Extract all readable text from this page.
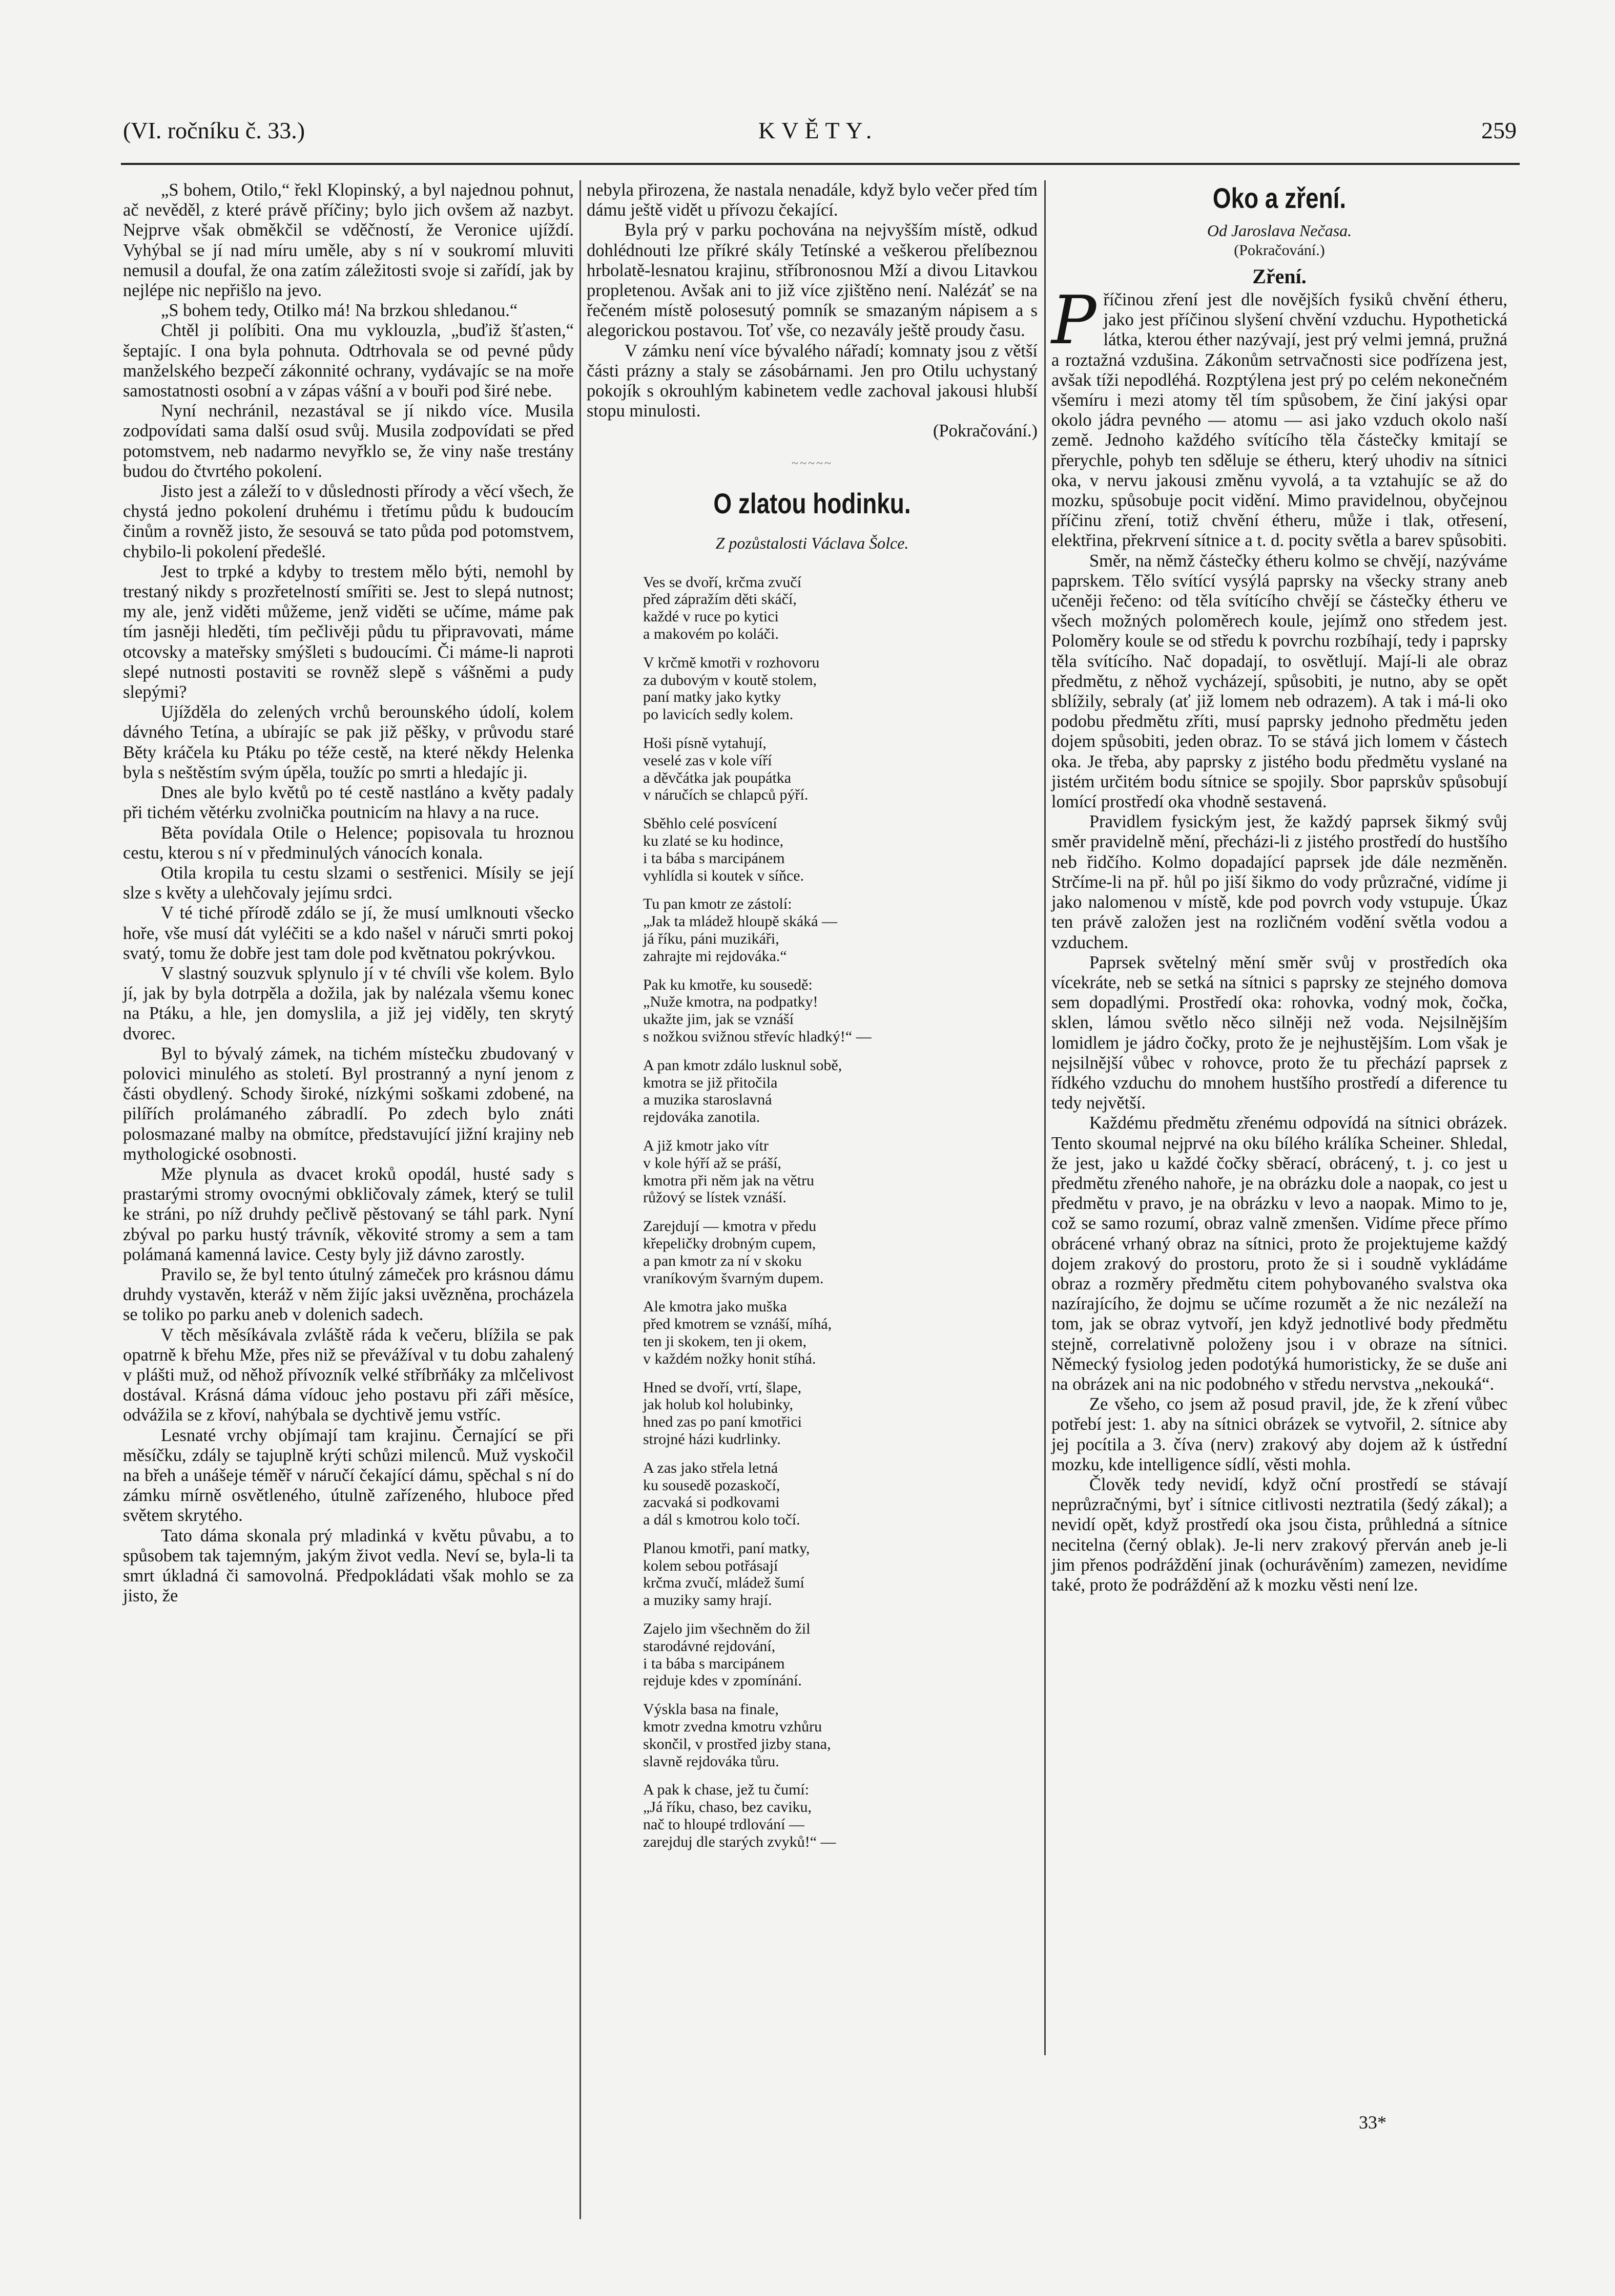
(VI. ročníku č. 33.)	KVĚTY.	259

„S bohem, Otilo,“ řekl Klopinský, a byl najednou pohnut, ač nevěděl, z které právě příčiny; bylo jich ovšem až nazbyt. Nejprve však obměkčil se vděčností, že Veronice ujíždí. Vyhýbal se jí nad míru uměle, aby s ní v soukromí mluviti nemusil a doufal, že ona zatím záležitosti svoje si zařídí, jak by nejlépe nic nepřišlo na jevo.

„S bohem tedy, Otilko má! Na brzkou shledanou.“

Chtěl ji políbiti. Ona mu vyklouzla, „buďiž šťasten,“ šeptajíc. I ona byla pohnuta. Odtrhovala se od pevné půdy manželského bezpečí zákonnité ochrany, vydávajíc se na moře samostatnosti osobní a v zápas vášní a v bouři pod širé nebe.

Nyní nechránil, nezastával se jí nikdo více. Musila zodpovídati sama další osud svůj. Musila zodpovídati se před potomstvem, neb nadarmo nevyřklo se, že viny naše trestány budou do čtvrtého pokolení.

Jisto jest a záleží to v důslednosti přírody a věcí všech, že chystá jedno pokolení druhému i třetímu půdu k budoucím činům a rovněž jisto, že sesouvá se tato půda pod potomstvem, chybilo-li pokolení předešlé.

Jest to trpké a kdyby to trestem mělo býti, nemohl by trestaný nikdy s prozřetelností smířiti se. Jest to slepá nutnost; my ale, jenž viděti můžeme, jenž viděti se učíme, máme pak tím jasněji hleděti, tím pečlivěji půdu tu připravovati, máme otcovsky a mateřsky smýšleti s budoucími. Či máme-li naproti slepé nutnosti postaviti se rovněž slepě s vášněmi a pudy slepými?

Ujížděla do zelených vrchů berounského údolí, kolem dávného Tetína, a ubírajíc se pak již pěšky, v průvodu staré Běty kráčela ku Ptáku po téže cestě, na které někdy Helenka byla s neštěstím svým úpěla, toužíc po smrti a hledajíc ji.

Dnes ale bylo květů po té cestě nastláno a květy padaly při tichém větérku zvolnička poutnicím na hlavy a na ruce.

Běta povídala Otile o Helence; popisovala tu hroznou cestu, kterou s ní v předminulých vánocích konala.

Otila kropila tu cestu slzami o sestřenici. Mísily se její slze s květy a ulehčovaly jejímu srdci.

V té tiché přírodě zdálo se jí, že musí umlknouti všecko hoře, vše musí dát vyléčiti se a kdo našel v náruči smrti pokoj svatý, tomu že dobře jest tam dole pod květnatou pokrývkou.

V slastný souzvuk splynulo jí v té chvíli vše kolem. Bylo jí, jak by byla dotrpěla a dožila, jak by nalézala všemu konec na Ptáku, a hle, jen domyslila, a již jej viděly, ten skrytý dvorec.

Byl to bývalý zámek, na tichém místečku zbudovaný v polovici minulého as století. Byl prostranný a nyní jenom z části obydlený. Schody široké, nízkými soškami zdobené, na pilířích prolámaného zábradlí. Po zdech bylo znáti polosmazané malby na obmítce, představující jižní krajiny neb mythologické osobnosti.

Mže plynula as dvacet kroků opodál, husté sady s prastarými stromy ovocnými obkličovaly zámek, který se tulil ke stráni, po níž druhdy pečlivě pěstovaný se táhl park. Nyní zbýval po parku hustý trávník, věkovité stromy a sem a tam polámaná kamenná lavice. Cesty byly již dávno zarostly.

Pravilo se, že byl tento útulný zámeček pro krásnou dámu druhdy vystavěn, kteráž v něm žijíc jaksi uvězněna, procházela se toliko po parku aneb v dolenich sadech.

V těch měsíkávala zvláště ráda k večeru, blížila se pak opatrně k břehu Mže, přes niž se převážíval v tu dobu zahalený v plášti muž, od něhož přívozník velké stříbrňáky za mlčelivost dostával. Krásná dáma vídouc jeho postavu při záři měsíce, odvážila se z křoví, nahýbala se dychtivě jemu vstříc.

Lesnaté vrchy objímají tam krajinu. Černající se při měsíčku, zdály se tajuplně krýti schůzi milenců. Muž vyskočil na břeh a unášeje téměř v náručí čekající dámu, spěchal s ní do zámku mírně osvětleného, útulně zařízeného, hluboce před světem skrytého.

Tato dáma skonala prý mladinká v květu půvabu, a to spůsobem tak tajemným, jakým život vedla. Neví se, byla-li ta smrt úkladná či samovolná. Předpokládati však mohlo se za jisto, že

nebyla přirozena, že nastala nenadále, když bylo večer před tím dámu ještě vidět u přívozu čekající.

Byla prý v parku pochována na nejvyšším místě, odkud dohlédnouti lze příkré skály Tetínské a veškerou přelíbeznou hrbolatě-lesnatou krajinu, stříbronosnou Mží a divou Litavkou propletenou. Avšak ani to již více zjištěno není. Nalézáť se na řečeném místě polosesutý pomník se smazaným nápisem a s alegorickou postavou. Toť vše, co nezavály ještě proudy času.

V zámku není více bývalého nářadí; komnaty jsou z větší části prázny a staly se zásobárnami. Jen pro Otilu uchystaný pokojík s okrouhlým kabinetem vedle zachoval jakousi hlubší stopu minulosti.

(Pokračování.)
~~~~~
O zlatou hodinku.
Z pozůstalosti Václava Šolce.
Ves se dvoří, krčma zvučí
před zápražím děti skáčí,
každé v ruce po kytici
a makovém po koláči.
V krčmě kmotři v rozhovoru
za dubovým v koutě stolem,
paní matky jako kytky
po lavicích sedly kolem.
Hoši písně vytahují,
veselé zas v kole víří
a děvčátka jak poupátka
v náručích se chlapců pýří.
Sběhlo celé posvícení
ku zlaté se ku hodince,
i ta bába s marcipánem
vyhlídla si koutek v síňce.
Tu pan kmotr ze zástolí:
„Jak ta mládež hloupě skáká —
já říku, páni muzikáři,
zahrajte mi rejdováka.“
Pak ku kmotře, ku sousedě:
„Nuže kmotra, na podpatky!
ukažte jim, jak se vznáší
s nožkou svižnou střevíc hladký!“ —
A pan kmotr zdálo lusknul sobě,
kmotra se již přitočila
a muzika staroslavná
rejdováka zanotila.
A již kmotr jako vítr
v kole hýří až se práší,
kmotra při něm jak na větru
růžový se lístek vznáší.
Zarejdují — kmotra v předu
křepeličky drobným cupem,
a pan kmotr za ní v skoku
vraníkovým švarným dupem.
Ale kmotra jako muška
před kmotrem se vznáší, míhá,
ten ji skokem, ten ji okem,
v každém nožky honit stíhá.
Hned se dvoří, vrtí, šlape,
jak holub kol holubinky,
hned zas po paní kmotřici
strojné házi kudrlinky.
A zas jako střela letná
ku sousedě pozaskočí,
zacvaká si podkovami
a dál s kmotrou kolo točí.
Planou kmotři, paní matky,
kolem sebou potřásají
krčma zvučí, mládež šumí
a muziky samy hrají.
Zajelo jim všechněm do žil
starodávné rejdování,
i ta bába s marcipánem
rejduje kdes v zpomínání.
Výskla basa na finale,
kmotr zvedna kmotru vzhůru
skončil, v prostřed jizby stana,
slavně rejdováka tůru.
A pak k chase, jež tu čumí:
„Já říku, chaso, bez caviku,
nač to hloupé trdlování —
zarejduj dle starých zvyků!“ —
Oko a zření.
Od Jaroslava Nečasa.
(Pokračování.)
Zření.

Příčinou zření jest dle novějších fysiků chvění étheru, jako jest příčinou slyšení chvění vzduchu. Hypothetická látka, kterou éther nazývají, jest prý velmi jemná, pružná a roztažná vzdušina. Zákonům setrvačnosti sice podřízena jest, avšak tíži nepodléhá. Rozptýlena jest prý po celém nekonečném všemíru i mezi atomy těl tím spůsobem, že činí jakýsi opar okolo jádra pevného — atomu — asi jako vzduch okolo naší země. Jednoho každého svítícího těla částečky kmitají se přerychle, pohyb ten sděluje se étheru, který uhodiv na sítnici oka, v nervu jakousi změnu vyvolá, a ta vztahujíc se až do mozku, spůsobuje pocit vidění. Mimo pravidelnou, obyčejnou příčinu zření, totiž chvění étheru, může i tlak, otřesení, elektřina, překrvení sítnice a t. d. pocity světla a barev spůsobiti.

Směr, na němž částečky étheru kolmo se chvějí, nazýváme paprskem. Tělo svítící vysýlá paprsky na všecky strany aneb učeněji řečeno: od těla svítícího chvějí se částečky étheru ve všech možných poloměrech koule, jejímž ono středem jest. Poloměry koule se od středu k povrchu rozbíhají, tedy i paprsky těla svítícího. Nač dopadají, to osvětlují. Mají-li ale obraz předmětu, z něhož vycházejí, spůsobiti, je nutno, aby se opět sblížily, sebraly (ať již lomem neb odrazem). A tak i má-li oko podobu předmětu zříti, musí paprsky jednoho předmětu jeden dojem spůsobiti, jeden obraz. To se stává jich lomem v částech oka. Je třeba, aby paprsky z jistého bodu předmětu vyslané na jistém určitém bodu sítnice se spojily. Sbor paprskův spůsobují lomící prostředí oka vhodně sestavená.

Pravidlem fysickým jest, že každý paprsek šikmý svůj směr pravidelně mění, přecházi-li z jistého prostředí do hustšího neb řidčího. Kolmo dopadající paprsek jde dále nezměněn. Strčíme-li na př. hůl po jiší šikmo do vody průzračné, vidíme ji jako nalomenou v místě, kde pod povrch vody vstupuje. Úkaz ten právě založen jest na rozličném vodění světla vodou a vzduchem.

Paprsek světelný mění směr svůj v prostředích oka vícekráte, neb se setká na sítnici s paprsky ze stejného domova sem dopadlými. Prostředí oka: rohovka, vodný mok, čočka, sklen, lámou světlo něco silněji než voda. Nejsilnějším lomidlem je jádro čočky, proto že je nejhustějším. Lom však je nejsilnější vůbec v rohovce, proto že tu přechází paprsek z řídkého vzduchu do mnohem hustšího prostředí a diference tu tedy největší.

Každému předmětu zřenému odpovídá na sítnici obrázek. Tento skoumal nejprvé na oku bílého králíka Scheiner. Shledal, že jest, jako u každé čočky sběrací, obrácený, t. j. co jest u předmětu zřeného nahoře, je na obrázku dole a naopak, co jest u předmětu v pravo, je na obrázku v levo a naopak. Mimo to je, což se samo rozumí, obraz valně zmenšen. Vidíme přece přímo obrácené vrhaný obraz na sítnici, proto že projektujeme každý dojem zrakový do prostoru, proto že si i soudně vykládáme obraz a rozměry předmětu citem pohybovaného svalstva oka nazírajícího, že dojmu se učíme rozumět a že nic nezáleží na tom, jak se obraz vytvoří, jen když jednotlivé body předmětu stejně, correlativně položeny jsou i v obraze na sítnici. Německý fysiolog jeden podotýká humoristicky, že se duše ani na obrázek ani na nic podobného v středu nervstva „nekouká“.

Ze všeho, co jsem až posud pravil, jde, že k zření vůbec potřebí jest: 1. aby na sítnici obrázek se vytvořil, 2. sítnice aby jej pocítila a 3. číva (nerv) zrakový aby dojem až k ústřední mozku, kde intelligence sídlí, věsti mohla.

Člověk tedy nevidí, když oční prostředí se stávají neprůzračnými, byť i sítnice citlivosti neztratila (šedý zákal); a nevidí opět, když prostředí oka jsou čista, průhledná a sítnice necitelna (černý oblak). Je-li nerv zrakový přerván aneb je-li jim přenos podráždění jinak (ochurávěním) zamezen, nevidíme také, proto že podráždění až k mozku věsti není lze.

33*
